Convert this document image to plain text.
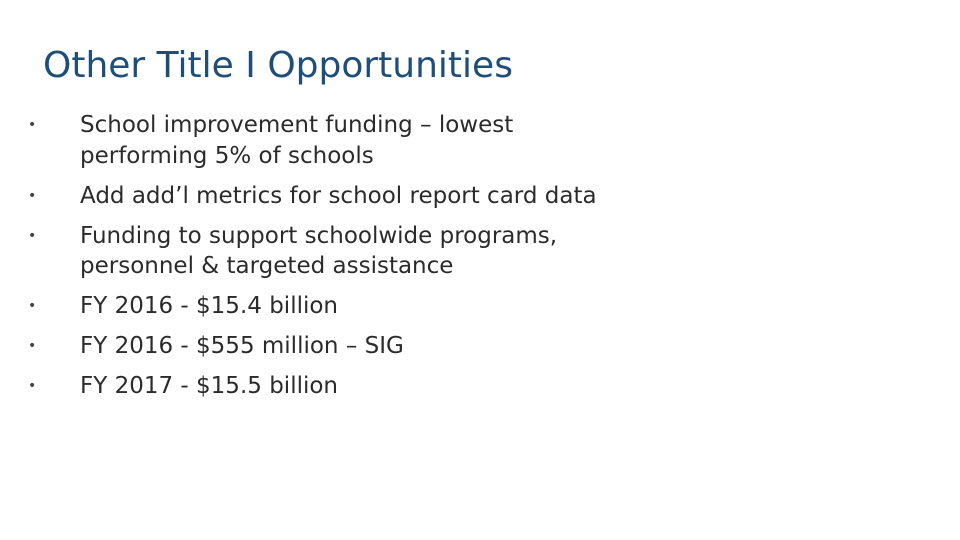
Other Title I Opportunities
• School improvement funding – lowest performing 5% of schools
• Add add’l metrics for school report card data
• Funding to support schoolwide programs, personnel & targeted assistance
• FY 2016 - $15.4 billion
• FY 2016 - $555 million – SIG
• FY 2017 - $15.5 billion
